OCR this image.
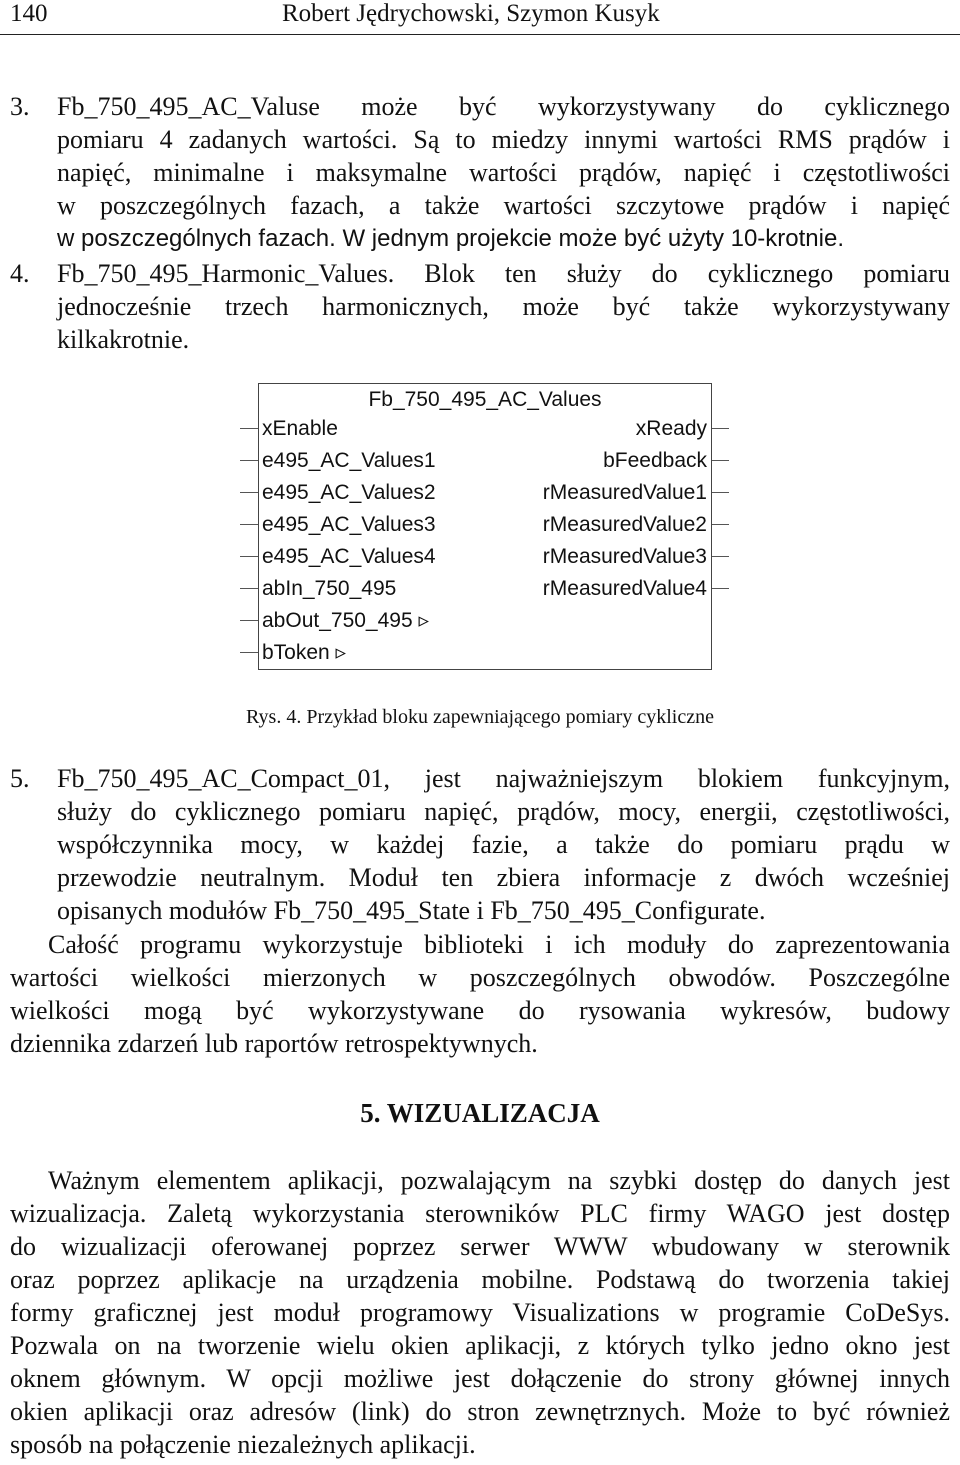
140	Robert Jędrychowski, Szymon Kusyk
3. Fb_750_495_AC_Valuse może być wykorzystywany do cyklicznego
pomiaru 4 zadanych wartości. Są to miedzy innymi wartości RMS prądów i
napięć, minimalne i maksymalne wartości prądów, napięć i częstotliwości
w poszczególnych fazach, a także wartości szczytowe prądów i napięć
w poszczególnych fazach. W jednym projekcie może być użyty 10-krotnie.
4. Fb_750_495_Harmonic_Values. Blok ten służy do cyklicznego pomiaru
jednocześnie trzech harmonicznych, może być także wykorzystywany
kilkakrotnie.
Fb_750_495_AC_Values
xEnable
e495_AC_Values1
e495_AC_Values2
e495_AC_Values3
e495_AC_Values4
abIn_750_495
abOut_750_495 ▹
bToken ▹
xReady
bFeedback
rMeasuredValue1
rMeasuredValue2
rMeasuredValue3
rMeasuredValue4
Rys. 4. Przykład bloku zapewniającego pomiary cykliczne
5. Fb_750_495_AC_Compact_01, jest najważniejszym blokiem funkcyjnym,
służy do cyklicznego pomiaru napięć, prądów, mocy, energii, częstotliwości,
współczynnika mocy, w każdej fazie, a także do pomiaru prądu w
przewodzie neutralnym. Moduł ten zbiera informacje z dwóch wcześniej
opisanych modułów Fb_750_495_State i Fb_750_495_Configurate.
Całość programu wykorzystuje biblioteki i ich moduły do zaprezentowania
wartości wielkości mierzonych w poszczególnych obwodów. Poszczególne
wielkości mogą być wykorzystywane do rysowania wykresów, budowy
dziennika zdarzeń lub raportów retrospektywnych.
5. WIZUALIZACJA
Ważnym elementem aplikacji, pozwalającym na szybki dostęp do danych jest
wizualizacja. Zaletą wykorzystania sterowników PLC firmy WAGO jest dostęp
do wizualizacji oferowanej poprzez serwer WWW wbudowany w sterownik
oraz poprzez aplikacje na urządzenia mobilne. Podstawą do tworzenia takiej
formy graficznej jest moduł programowy Visualizations w programie CoDeSys.
Pozwala on na tworzenie wielu okien aplikacji, z których tylko jedno okno jest
oknem głównym. W opcji możliwe jest dołączenie do strony głównej innych
okien aplikacji oraz adresów (link) do stron zewnętrznych. Może to być również
sposób na połączenie niezależnych aplikacji.
